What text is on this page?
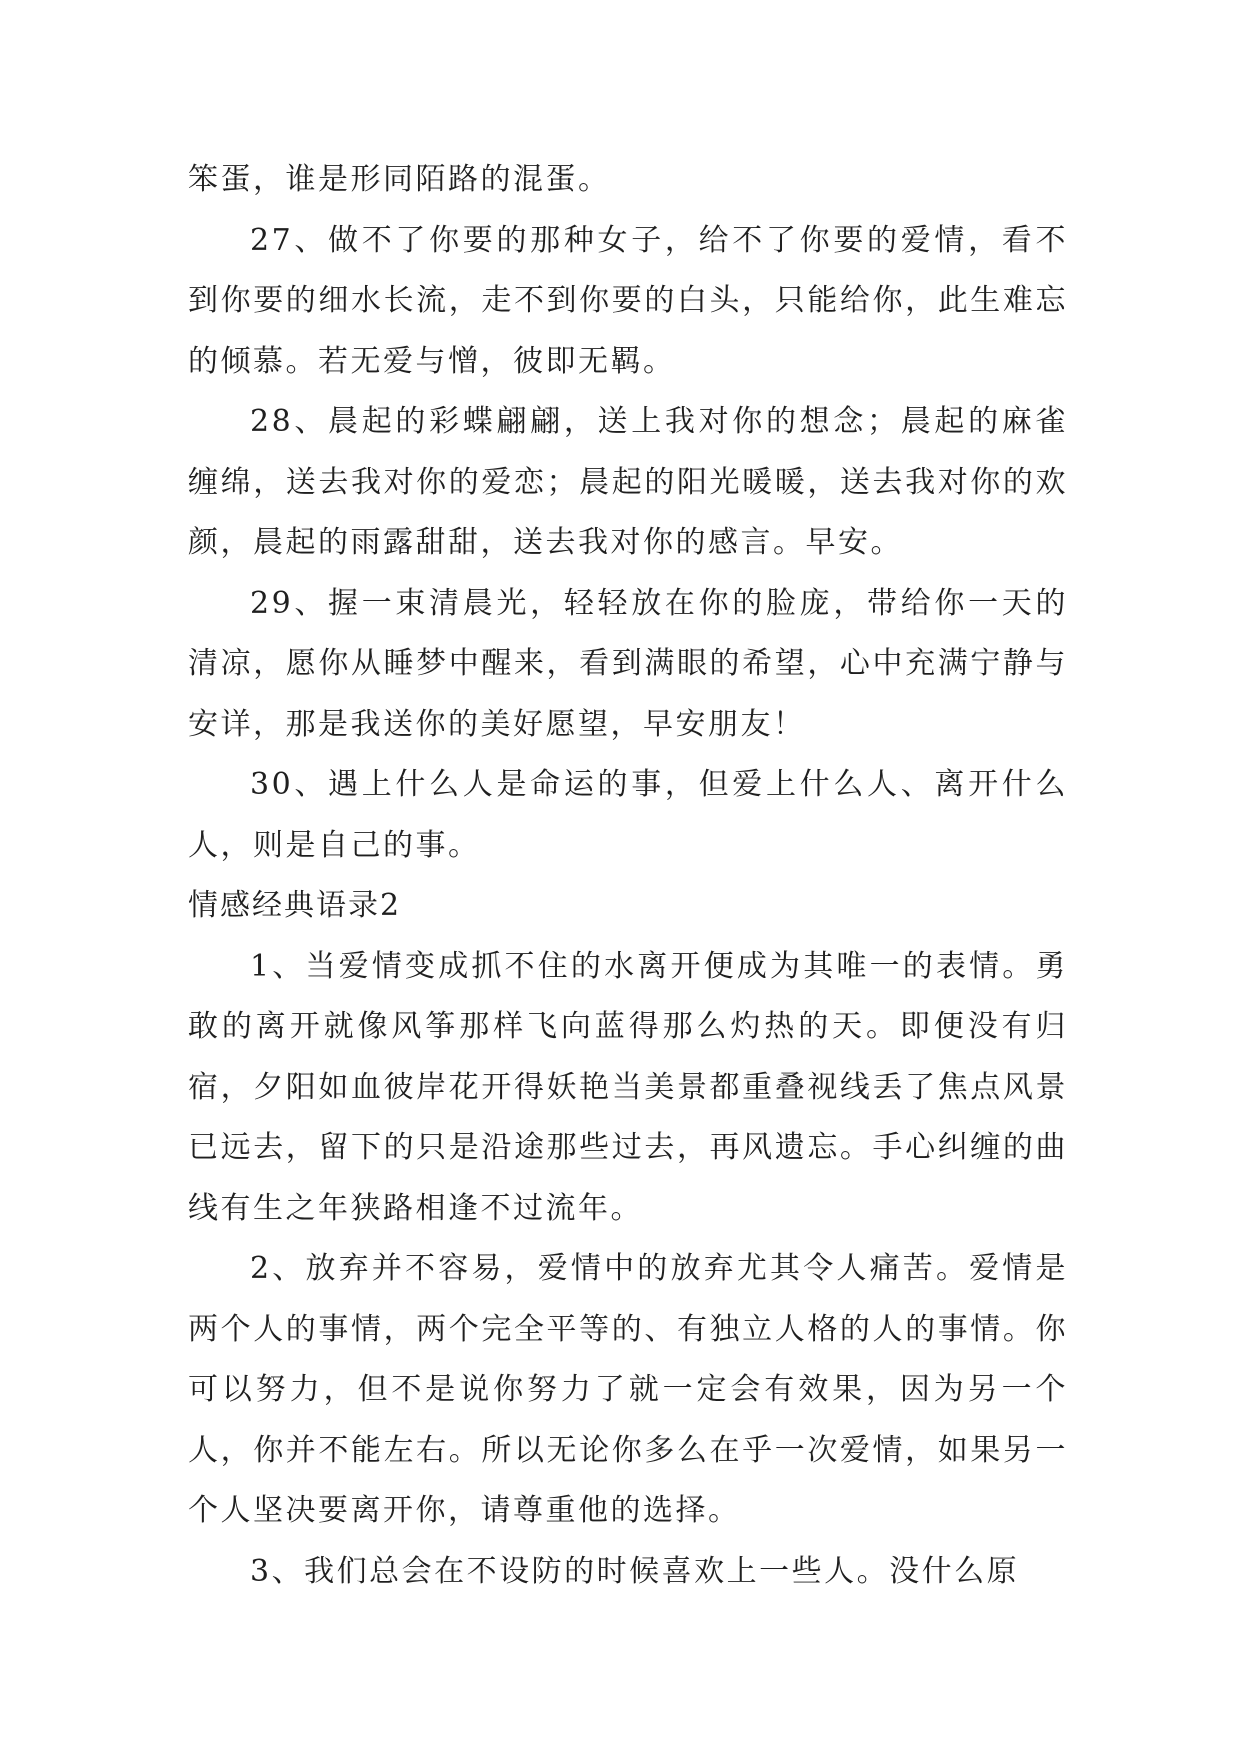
笨蛋，谁是形同陌路的混蛋。

27、做不了你要的那种女子，给不了你要的爱情，看不到你要的细水长流，走不到你要的白头，只能给你，此生难忘的倾慕。若无爱与憎，彼即无羁。

28、晨起的彩蝶翩翩，送上我对你的想念；晨起的麻雀缠绵，送去我对你的爱恋；晨起的阳光暖暖，送去我对你的欢颜，晨起的雨露甜甜，送去我对你的感言。早安。

29、握一束清晨光，轻轻放在你的脸庞，带给你一天的清凉，愿你从睡梦中醒来，看到满眼的希望，心中充满宁静与安详，那是我送你的美好愿望，早安朋友！

30、遇上什么人是命运的事，但爱上什么人、离开什么人，则是自己的事。

情感经典语录2

1、当爱情变成抓不住的水离开便成为其唯一的表情。勇敢的离开就像风筝那样飞向蓝得那么灼热的天。即便没有归宿，夕阳如血彼岸花开得妖艳当美景都重叠视线丢了焦点风景已远去，留下的只是沿途那些过去，再风遗忘。手心纠缠的曲线有生之年狭路相逢不过流年。

2、放弃并不容易，爱情中的放弃尤其令人痛苦。爱情是两个人的事情，两个完全平等的、有独立人格的人的事情。你可以努力，但不是说你努力了就一定会有效果，因为另一个人，你并不能左右。所以无论你多么在乎一次爱情，如果另一个人坚决要离开你，请尊重他的选择。

3、我们总会在不设防的时候喜欢上一些人。没什么原
